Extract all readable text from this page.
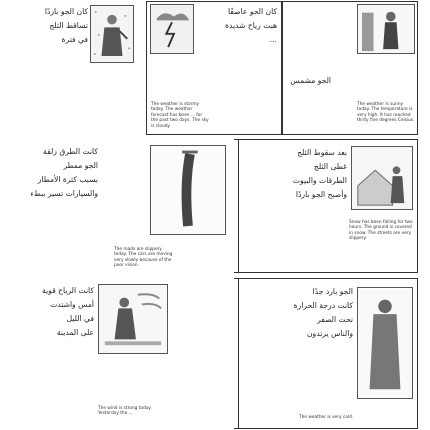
كان الجو باردًا
تساقط الثلج
في فترة
كان الجو عاصفًا
هبت رياح شديدة
...
The weather is stormy today. The weather forecast has been ... for the past two days. The sky is cloudy.
الجو مشمس
The weather is sunny today. The temperature is very high. It has reached thirty five degrees Celsius.
كانت الطرق زلقة
الجو ممطر
بسبب كثرة الأمطار
والسيارات تسير ببطء
The roads are slippery today. The cars are moving very slowly because of the poor vision.
بعد سقوط الثلج
غطى الثلج
الطرقات والبيوت
وأصبح الجو باردًا
Snow has been falling for two hours. The ground is covered in snow. The streets are very slippery.
كانت الرياح قوية
أمس واشتدت
في الليل
على المدينة
The wind is strong today. Yesterday the ...
الجو بارد جدًا
كانت درجة الحرارة
تحت الصفر
والناس يرتدون
The weather is very cold.
